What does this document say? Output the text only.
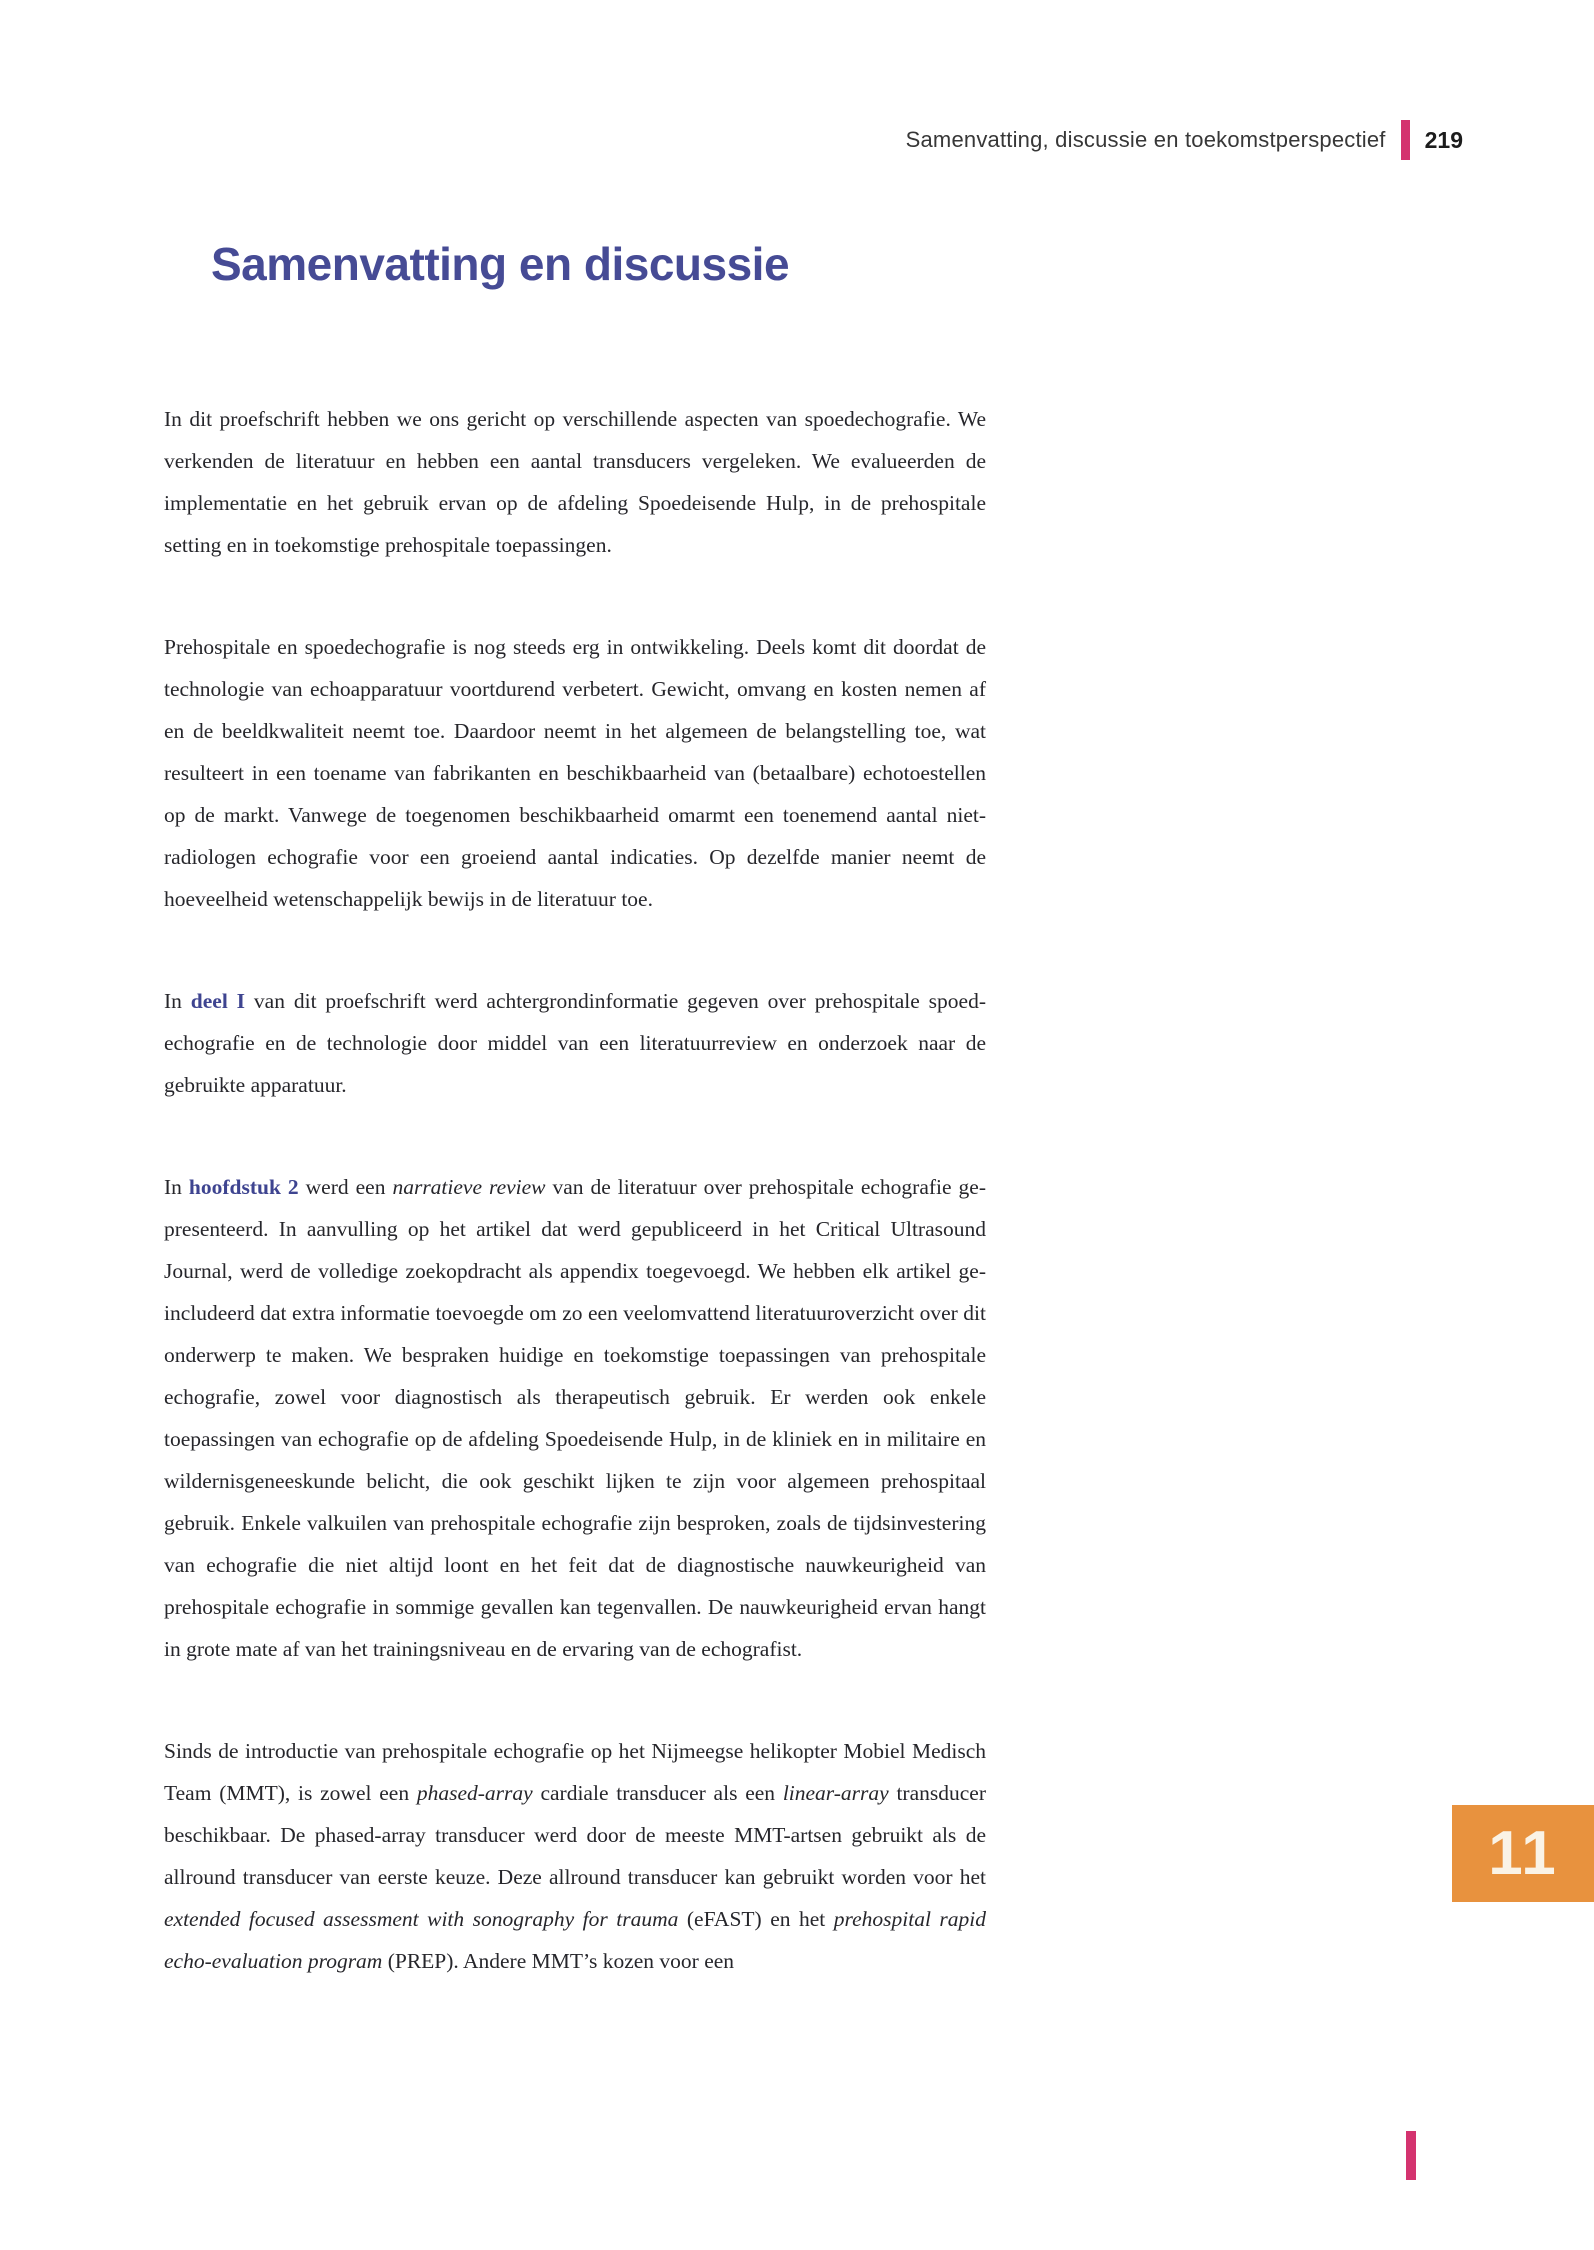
Samenvatting, discussie en toekomstperspectief 219
Samenvatting en discussie

In dit proefschrift hebben we ons gericht op verschillende aspecten van spoedechografie. We verkenden de literatuur en hebben een aantal transducers vergeleken. We evalueerden de implementatie en het gebruik ervan op de afdeling Spoedeisende Hulp, in de prehospitale setting en in toekomstige prehospitale toepassingen.

Prehospitale en spoedechografie is nog steeds erg in ontwikkeling. Deels komt dit doordat de technologie van echoapparatuur voortdurend verbetert. Gewicht, omvang en kosten nemen af en de beeldkwaliteit neemt toe. Daardoor neemt in het algemeen de belangstelling toe, wat resulteert in een toename van fabrikanten en beschikbaarheid van (betaalbare) echotoestellen op de markt. Vanwege de toegenomen beschikbaarheid omarmt een toenemend aantal niet-radiologen echografie voor een groeiend aantal indicaties. Op dezelfde manier neemt de hoeveelheid wetenschappelijk bewijs in de literatuur toe.

In deel I van dit proefschrift werd achtergrondinformatie gegeven over prehospitale spoedechografie en de technologie door middel van een literatuurreview en onderzoek naar de gebruikte apparatuur.

In hoofdstuk 2 werd een narratieve review van de literatuur over prehospitale echografie gepresenteerd. In aanvulling op het artikel dat werd gepubliceerd in het Critical Ultrasound Journal, werd de volledige zoekopdracht als appendix toegevoegd. We hebben elk artikel geincludeerd dat extra informatie toevoegde om zo een veelomvattend literatuuroverzicht over dit onderwerp te maken. We bespraken huidige en toekomstige toepassingen van prehospitale echografie, zowel voor diagnostisch als therapeutisch gebruik. Er werden ook enkele toepassingen van echografie op de afdeling Spoedeisende Hulp, in de kliniek en in militaire en wildernisgeneeskunde belicht, die ook geschikt lijken te zijn voor algemeen prehospitaal gebruik. Enkele valkuilen van prehospitale echografie zijn besproken, zoals de tijdsinvestering van echografie die niet altijd loont en het feit dat de diagnostische nauwkeurigheid van prehospitale echografie in sommige gevallen kan tegenvallen. De nauwkeurigheid ervan hangt in grote mate af van het trainingsniveau en de ervaring van de echografist.

Sinds de introductie van prehospitale echografie op het Nijmeegse helikopter Mobiel Medisch Team (MMT), is zowel een phased-array cardiale transducer als een linear-array transducer beschikbaar. De phased-array transducer werd door de meeste MMT-artsen gebruikt als de allround transducer van eerste keuze. Deze allround transducer kan gebruikt worden voor het extended focused assessment with sonography for trauma (eFAST) en het prehospital rapid echo-evaluation program (PREP). Andere MMT’s kozen voor een

11
